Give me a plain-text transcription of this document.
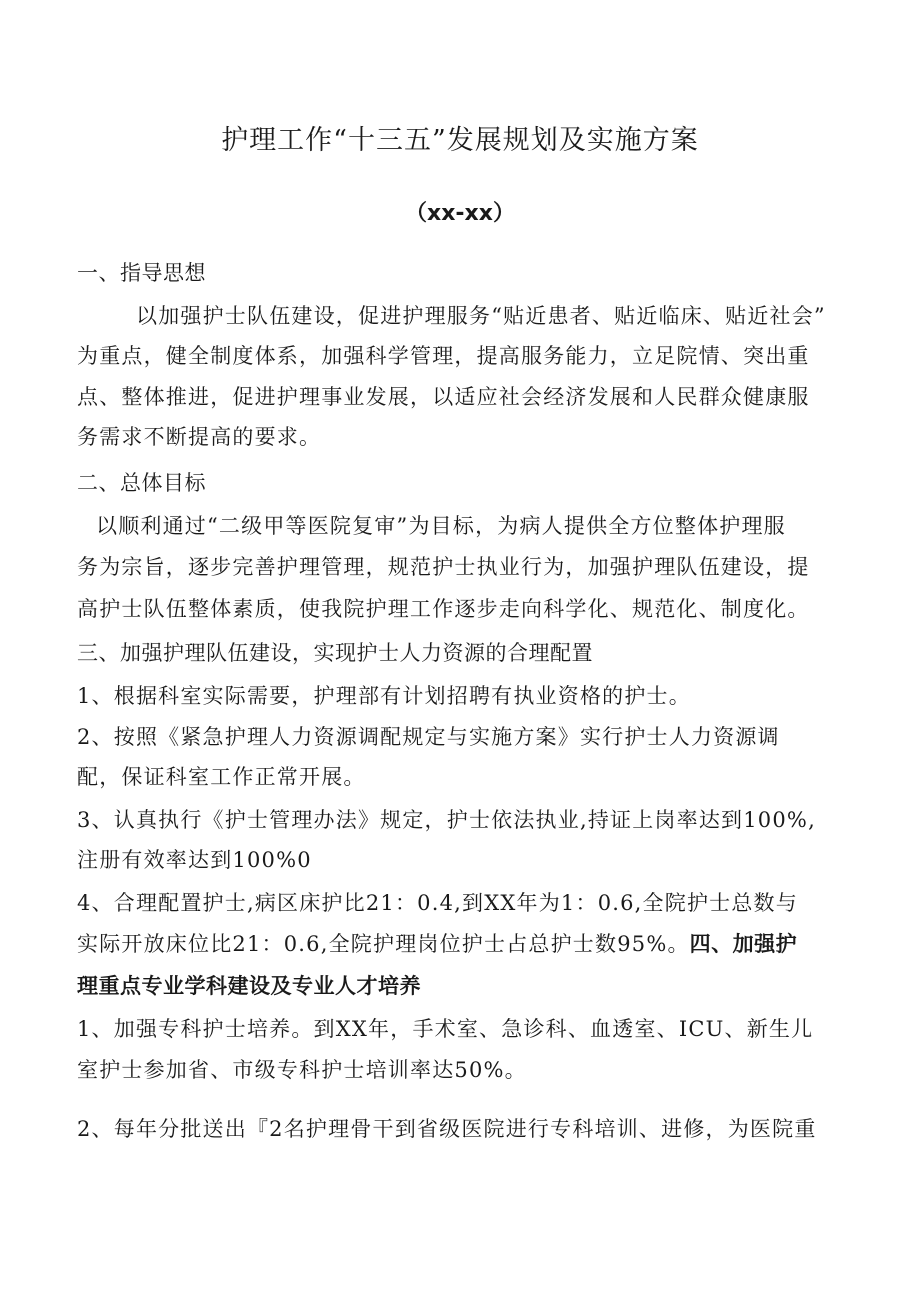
护理工作“十三五”发展规划及实施方案
（xx-xx）
一、指导思想
以加强护士队伍建设，促进护理服务“贴近患者、贴近临床、贴近社会”
为重点，健全制度体系，加强科学管理，提高服务能力，立足院情、突出重
点、整体推进，促进护理事业发展，以适应社会经济发展和人民群众健康服
务需求不断提高的要求。
二、总体目标
以顺利通过“二级甲等医院复审”为目标，为病人提供全方位整体护理服
务为宗旨，逐步完善护理管理，规范护士执业行为，加强护理队伍建设，提
高护士队伍整体素质，使我院护理工作逐步走向科学化、规范化、制度化。
三、加强护理队伍建设，实现护士人力资源的合理配置
1、根据科室实际需要，护理部有计划招聘有执业资格的护士。
2、按照《紧急护理人力资源调配规定与实施方案》实行护士人力资源调
配，保证科室工作正常开展。
3、认真执行《护士管理办法》规定，护士依法执业,持证上岗率达到100%,
注册有效率达到100%0
4、合理配置护士,病区床护比21：0.4,到XX年为1：0.6,全院护士总数与
实际开放床位比21：0.6,全院护理岗位护士占总护士数95%。四、加强护
理重点专业学科建设及专业人才培养
1、加强专科护士培养。到XX年，手术室、急诊科、血透室、ICU、新生儿
室护士参加省、市级专科护士培训率达50%。
2、每年分批送出『2名护理骨干到省级医院进行专科培训、进修，为医院重
